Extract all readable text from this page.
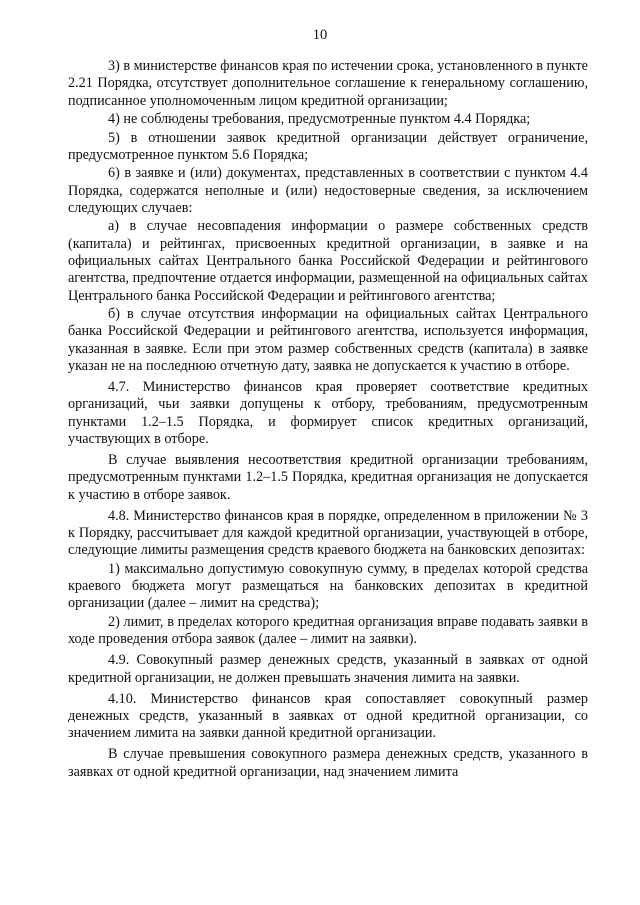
10

3) в министерстве финансов края по истечении срока, установленного в пункте 2.21 Порядка, отсутствует дополнительное соглашение к генеральному соглашению, подписанное уполномоченным лицом кредитной организации;

4) не соблюдены требования, предусмотренные пунктом 4.4 Порядка;

5) в отношении заявок кредитной организации действует ограничение, предусмотренное пунктом 5.6 Порядка;

6) в заявке и (или) документах, представленных в соответствии с пунктом 4.4 Порядка, содержатся неполные и (или) недостоверные сведения, за исключением следующих случаев:

а) в случае несовпадения информации о размере собственных средств (капитала) и рейтингах, присвоенных кредитной организации, в заявке и на официальных сайтах Центрального банка Российской Федерации и рейтингового агентства, предпочтение отдается информации, размещенной на официальных сайтах Центрального банка Российской Федерации и рейтингового агентства;

б) в случае отсутствия информации на официальных сайтах Центрального банка Российской Федерации и рейтингового агентства, используется информация, указанная в заявке. Если при этом размер собственных средств (капитала) в заявке указан не на последнюю отчетную дату, заявка не допускается к участию в отборе.

4.7. Министерство финансов края проверяет соответствие кредитных организаций, чьи заявки допущены к отбору, требованиям, предусмотренным пунктами 1.2–1.5 Порядка, и формирует список кредитных организаций, участвующих в отборе.

В случае выявления несоответствия кредитной организации требованиям, предусмотренным пунктами 1.2–1.5 Порядка, кредитная организация не допускается к участию в отборе заявок.

4.8. Министерство финансов края в порядке, определенном в приложении № 3 к Порядку, рассчитывает для каждой кредитной организации, участвующей в отборе, следующие лимиты размещения средств краевого бюджета на банковских депозитах:

1) максимально допустимую совокупную сумму, в пределах которой средства краевого бюджета могут размещаться на банковских депозитах в кредитной организации (далее – лимит на средства);

2) лимит, в пределах которого кредитная организация вправе подавать заявки в ходе проведения отбора заявок (далее – лимит на заявки).

4.9. Совокупный размер денежных средств, указанный в заявках от одной кредитной организации, не должен превышать значения лимита на заявки.

4.10. Министерство финансов края сопоставляет совокупный размер денежных средств, указанный в заявках от одной кредитной организации, со значением лимита на заявки данной кредитной организации.

В случае превышения совокупного размера денежных средств, указанного в заявках от одной кредитной организации, над значением лимита
